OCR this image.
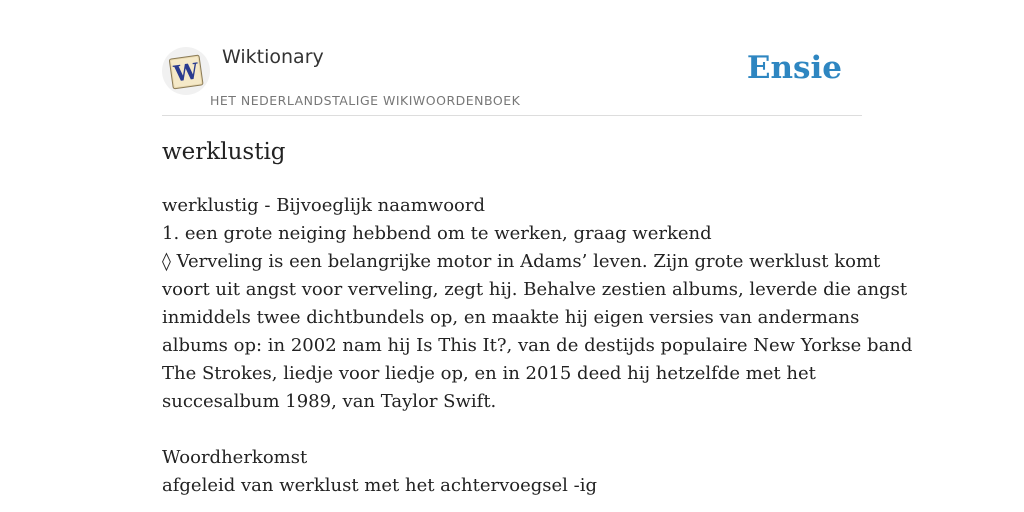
W
Wiktionary
HET NEDERLANDSTALIGE WIKIWOORDENBOEK
Ensie
werklustig

werklustig - Bijvoeglijk naamwoord

1. een grote neiging hebbend om te werken, graag werkend

◊ Verveling is een belangrijke motor in Adams’ leven. Zijn grote werklust komt

voort uit angst voor verveling, zegt hij. Behalve zestien albums, leverde die angst

inmiddels twee dichtbundels op, en maakte hij eigen versies van andermans

albums op: in 2002 nam hij Is This It?, van de destijds populaire New Yorkse band

The Strokes, liedje voor liedje op, en in 2015 deed hij hetzelfde met het

succesalbum 1989, van Taylor Swift.

Woordherkomst

afgeleid van werklust met het achtervoegsel -ig
